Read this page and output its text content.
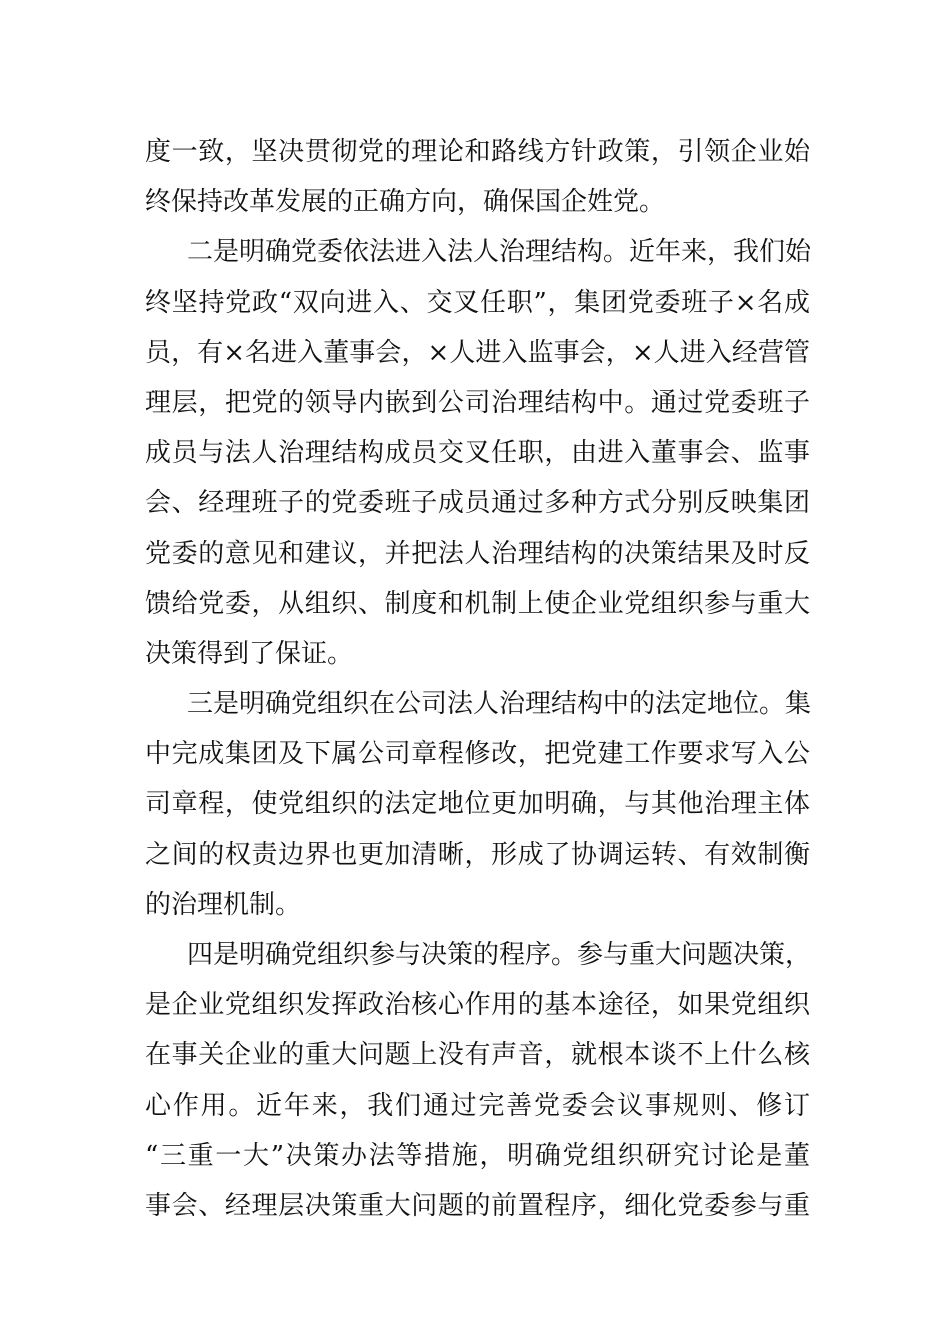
度一致，坚决贯彻党的理论和路线方针政策，引领企业始
终保持改革发展的正确方向，确保国企姓党。
二是明确党委依法进入法人治理结构。近年来，我们始
终坚持党政“双向进入、交叉任职”，集团党委班子×名成
员，有×名进入董事会，×人进入监事会，×人进入经营管
理层，把党的领导内嵌到公司治理结构中。通过党委班子
成员与法人治理结构成员交叉任职，由进入董事会、监事
会、经理班子的党委班子成员通过多种方式分别反映集团
党委的意见和建议，并把法人治理结构的决策结果及时反
馈给党委，从组织、制度和机制上使企业党组织参与重大
决策得到了保证。
三是明确党组织在公司法人治理结构中的法定地位。集
中完成集团及下属公司章程修改，把党建工作要求写入公
司章程，使党组织的法定地位更加明确，与其他治理主体
之间的权责边界也更加清晰，形成了协调运转、有效制衡
的治理机制。
四是明确党组织参与决策的程序。参与重大问题决策，
是企业党组织发挥政治核心作用的基本途径，如果党组织
在事关企业的重大问题上没有声音，就根本谈不上什么核
心作用。近年来，我们通过完善党委会议事规则、修订
“三重一大”决策办法等措施，明确党组织研究讨论是董
事会、经理层决策重大问题的前置程序，细化党委参与重
